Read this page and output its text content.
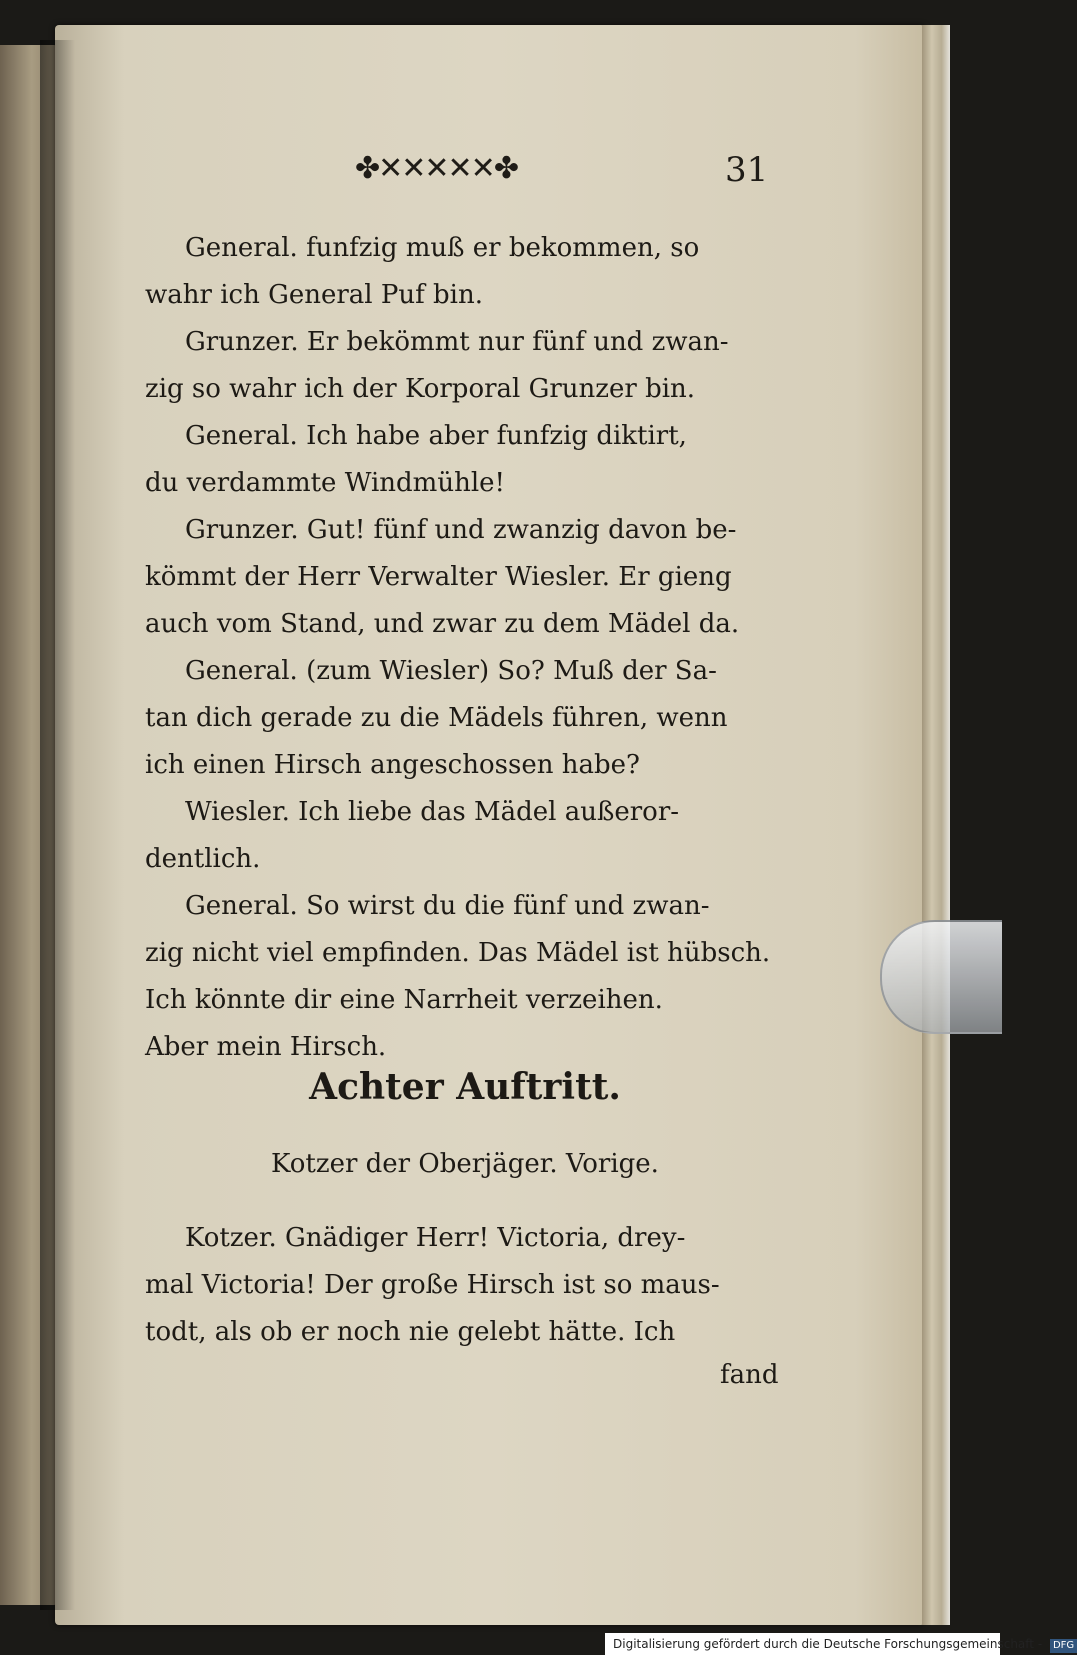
✤✕✕✕✕✕✤	31
General. funfzig muß er bekommen, so
wahr ich General Puf bin.
Grunzer. Er bekömmt nur fünf und zwan-
zig so wahr ich der Korporal Grunzer bin.
General. Ich habe aber funfzig diktirt,
du verdammte Windmühle!
Grunzer. Gut! fünf und zwanzig davon be-
kömmt der Herr Verwalter Wiesler. Er gieng
auch vom Stand, und zwar zu dem Mädel da.
General. (zum Wiesler) So? Muß der Sa-
tan dich gerade zu die Mädels führen, wenn
ich einen Hirsch angeschossen habe?
Wiesler. Ich liebe das Mädel außeror-
dentlich.
General. So wirst du die fünf und zwan-
zig nicht viel empfinden. Das Mädel ist hübsch.
Ich könnte dir eine Narrheit verzeihen.
Aber mein Hirsch.
Achter Auftritt.
Kotzer der Oberjäger. Vorige.
Kotzer. Gnädiger Herr! Victoria, drey-
mal Victoria! Der große Hirsch ist so maus-
todt, als ob er noch nie gelebt hätte. Ich
fand
Digitalisierung gefördert durch die Deutsche Forschungsgemeinschaft - DFG
